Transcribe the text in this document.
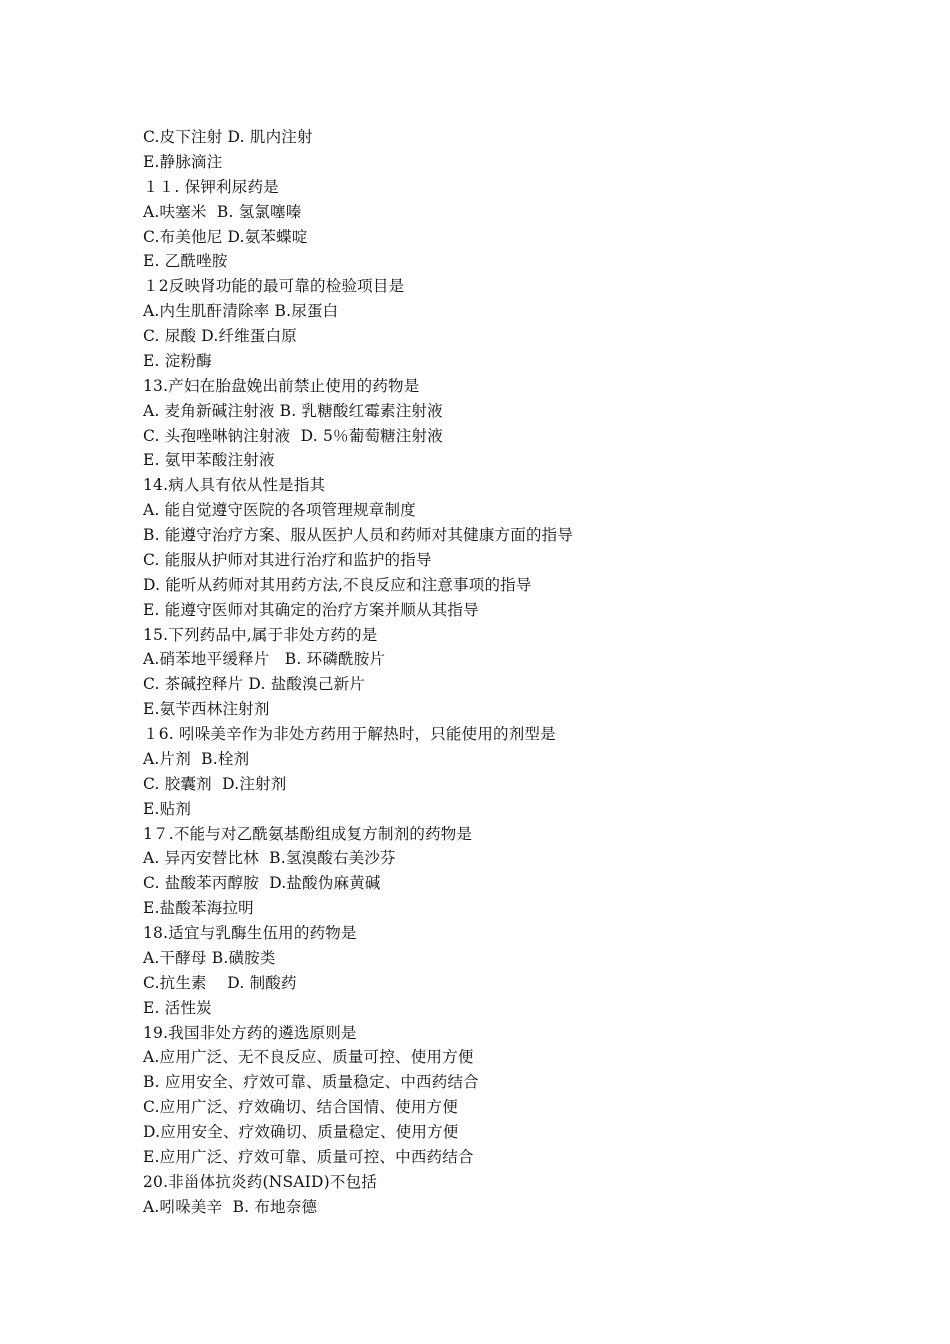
C.皮下注射 D. 肌内注射
E.静脉滴注
１１. 保钾利尿药是
A.呋塞米  B. 氢氯噻嗪
C.布美他尼 D.氨苯蝶啶
E. 乙酰唑胺
１2反映肾功能的最可靠的检验项目是
A.内生肌酐清除率 B.尿蛋白
C. 尿酸 D.纤维蛋白原
E. 淀粉酶
13.产妇在胎盘娩出前禁止使用的药物是
A. 麦角新碱注射液 B. 乳糖酸红霉素注射液
C. 头孢唑啉钠注射液  D. 5％葡萄糖注射液
E. 氨甲苯酸注射液
14.病人具有依从性是指其
A. 能自觉遵守医院的各项管理规章制度
B. 能遵守治疗方案、服从医护人员和药师对其健康方面的指导
C. 能服从护师对其进行治疗和监护的指导
D. 能听从药师对其用药方法,不良反应和注意事项的指导
E. 能遵守医师对其确定的治疗方案并顺从其指导
15.下列药品中,属于非处方药的是
A.硝苯地平缓释片   B. 环磷酰胺片
C. 茶碱控释片 D. 盐酸溴己新片
E.氨苄西林注射剂
１6. 吲哚美辛作为非处方药用于解热时，只能使用的剂型是
A.片剂  B.栓剂
C. 胶囊剂  D.注射剂
E.贴剂
1７.不能与对乙酰氨基酚组成复方制剂的药物是
A. 异丙安替比林  B.氢溴酸右美沙芬
C. 盐酸苯丙醇胺  D.盐酸伪麻黄碱
E.盐酸苯海拉明
18.适宜与乳酶生伍用的药物是
A.干酵母 B.磺胺类
C.抗生素    D. 制酸药
E. 活性炭
19.我国非处方药的遴选原则是
A.应用广泛、无不良反应、质量可控、使用方便
B. 应用安全、疗效可靠、质量稳定、中西药结合
C.应用广泛、疗效确切、结合国情、使用方便
D.应用安全、疗效确切、质量稳定、使用方便
E.应用广泛、疗效可靠、质量可控、中西药结合
20.非甾体抗炎药(NSAID)不包括
A.吲哚美辛  B. 布地奈德
